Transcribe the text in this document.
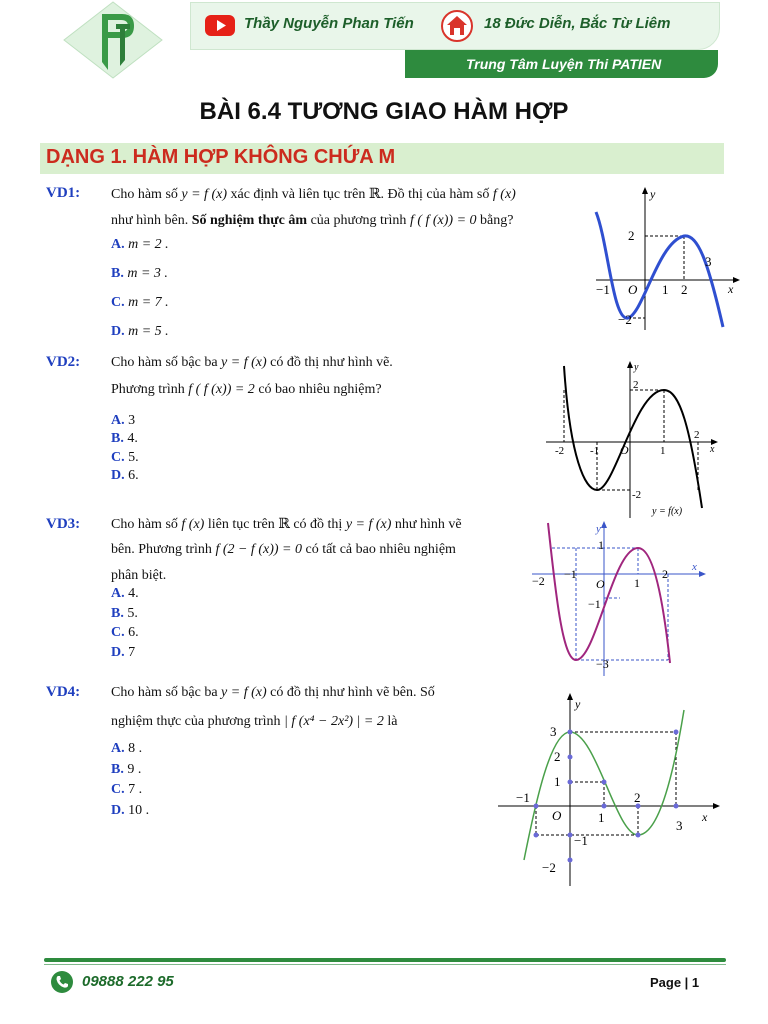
PT
Thầy Nguyễn Phan Tiến	18 Đức Diễn, Bắc Từ Liêm
Trung Tâm Luyện Thi PATIEN
BÀI 6.4 TƯƠNG GIAO HÀM HỢP
DẠNG 1. HÀM HỢP KHÔNG CHỨA M
VD1: Cho hàm số y = f (x) xác định và liên tục trên ℝ. Đồ thị của hàm số f (x)
như hình bên. Số nghiệm thực âm của phương trình f ( f (x)) = 0 bằng?
A. m = 2 .
B. m = 3 .
C. m = 7 .
D. m = 5 .
y
x
O
−1	1 2
3
2
−2
VD2: Cho hàm số bậc ba y = f (x) có đồ thị như hình vẽ.
Phương trình f ( f (x)) = 2 có bao nhiêu nghiệm?
A. 3
B. 4.
C. 5.
D. 6.
y
x
O
-2 -1	1
2
2
-2
y = f(x)
VD3: Cho hàm số f (x) liên tục trên ℝ có đồ thị y = f (x) như hình vẽ
bên. Phương trình f (2 − f (x)) = 0 có tất cả bao nhiêu nghiệm
phân biệt.
A. 4.
B. 5.
C. 6.
D. 7
y
x
O
−2 −1
1
2
1
−1
−3
VD4: Cho hàm số bậc ba y = f (x) có đồ thị như hình vẽ bên. Số
nghiệm thực của phương trình | f (x⁴ − 2x²) | = 2 là
A. 8 .
B. 9 .
C. 7 .
D. 10 .
y
x
O
−1
1
2
3
3
2
1
−1
−2
09888 222 95	Page | 1
